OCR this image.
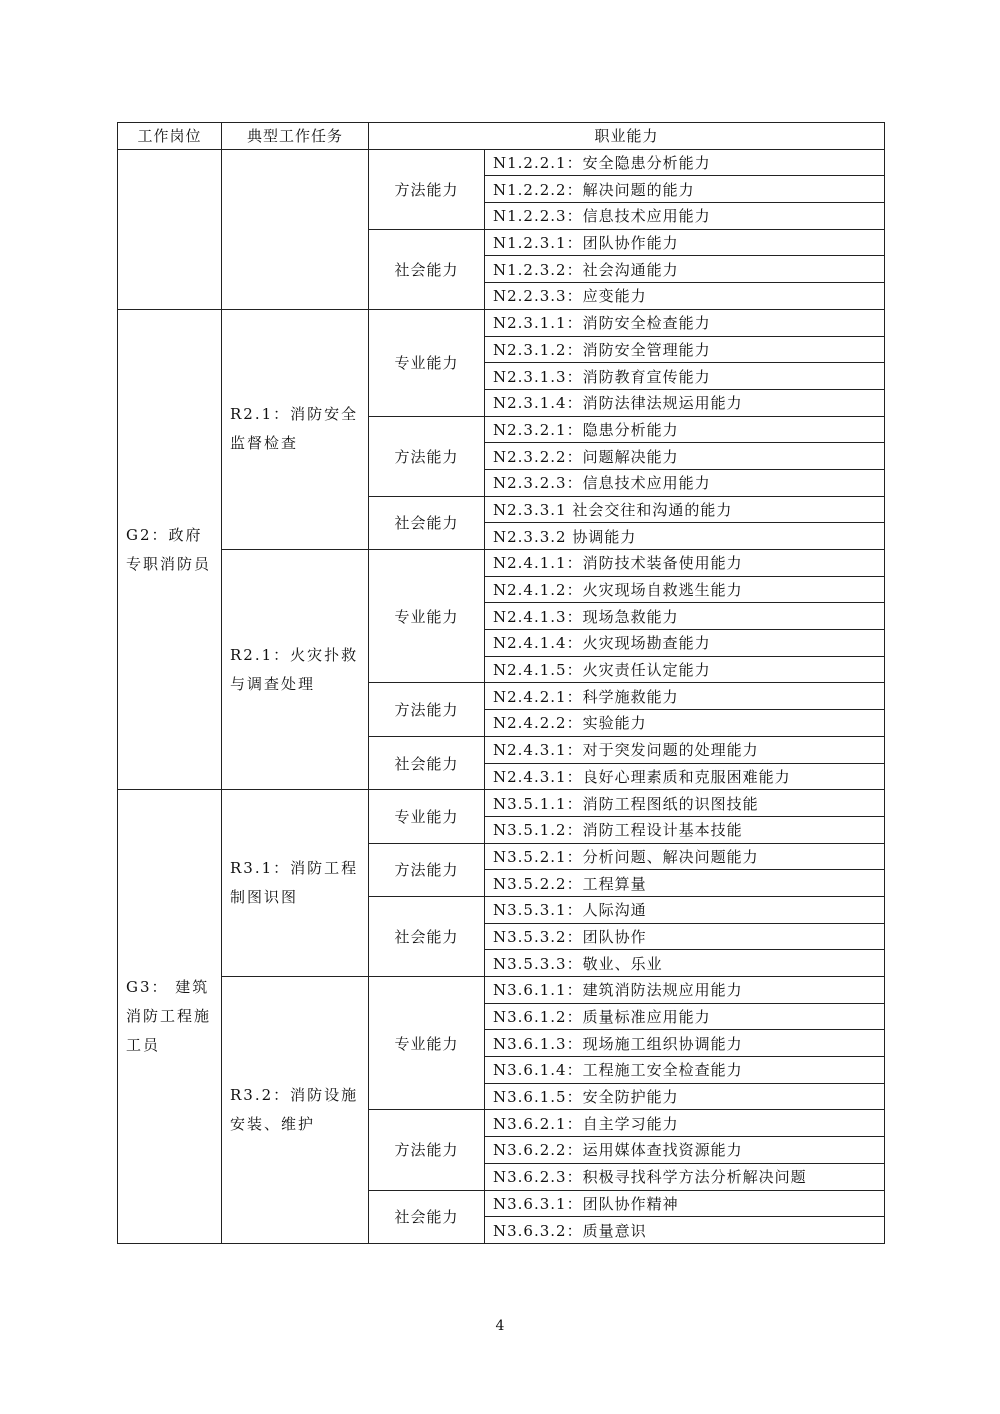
工作岗位	典型工作任务	职业能力	
		方法能力	N1.2.2.1：安全隐患分析能力
			N1.2.2.2：解决问题的能力
			N1.2.2.3：信息技术应用能力
		社会能力	N1.2.3.1：团队协作能力
			N1.2.3.2：社会沟通能力
			N2.2.3.3：应变能力
G2：政府专职消防员	R2.1：消防安全监督检查	专业能力	N2.3.1.1：消防安全检查能力
			N2.3.1.2：消防安全管理能力
			N2.3.1.3：消防教育宣传能力
			N2.3.1.4：消防法律法规运用能力
		方法能力	N2.3.2.1：隐患分析能力
			N2.3.2.2：问题解决能力
			N2.3.2.3：信息技术应用能力
		社会能力	N2.3.3.1 社会交往和沟通的能力
			N2.3.3.2 协调能力
	R2.1：火灾扑救与调查处理	专业能力	N2.4.1.1：消防技术装备使用能力
			N2.4.1.2：火灾现场自救逃生能力
			N2.4.1.3：现场急救能力
			N2.4.1.4：火灾现场勘查能力
			N2.4.1.5：火灾责任认定能力
		方法能力	N2.4.2.1：科学施救能力
			N2.4.2.2：实验能力
		社会能力	N2.4.3.1：对于突发问题的处理能力
			N2.4.3.1：良好心理素质和克服困难能力
G3： 建筑消防工程施工员	R3.1：消防工程制图识图	专业能力	N3.5.1.1：消防工程图纸的识图技能
			N3.5.1.2：消防工程设计基本技能
		方法能力	N3.5.2.1：分析问题、解决问题能力
			N3.5.2.2：工程算量
		社会能力	N3.5.3.1：人际沟通
			N3.5.3.2：团队协作
			N3.5.3.3：敬业、乐业
	R3.2：消防设施安装、维护	专业能力	N3.6.1.1：建筑消防法规应用能力
			N3.6.1.2：质量标准应用能力
			N3.6.1.3：现场施工组织协调能力
			N3.6.1.4：工程施工安全检查能力
			N3.6.1.5：安全防护能力
		方法能力	N3.6.2.1：自主学习能力
			N3.6.2.2：运用媒体查找资源能力
			N3.6.2.3：积极寻找科学方法分析解决问题
		社会能力	N3.6.3.1：团队协作精神
			N3.6.3.2：质量意识
4
